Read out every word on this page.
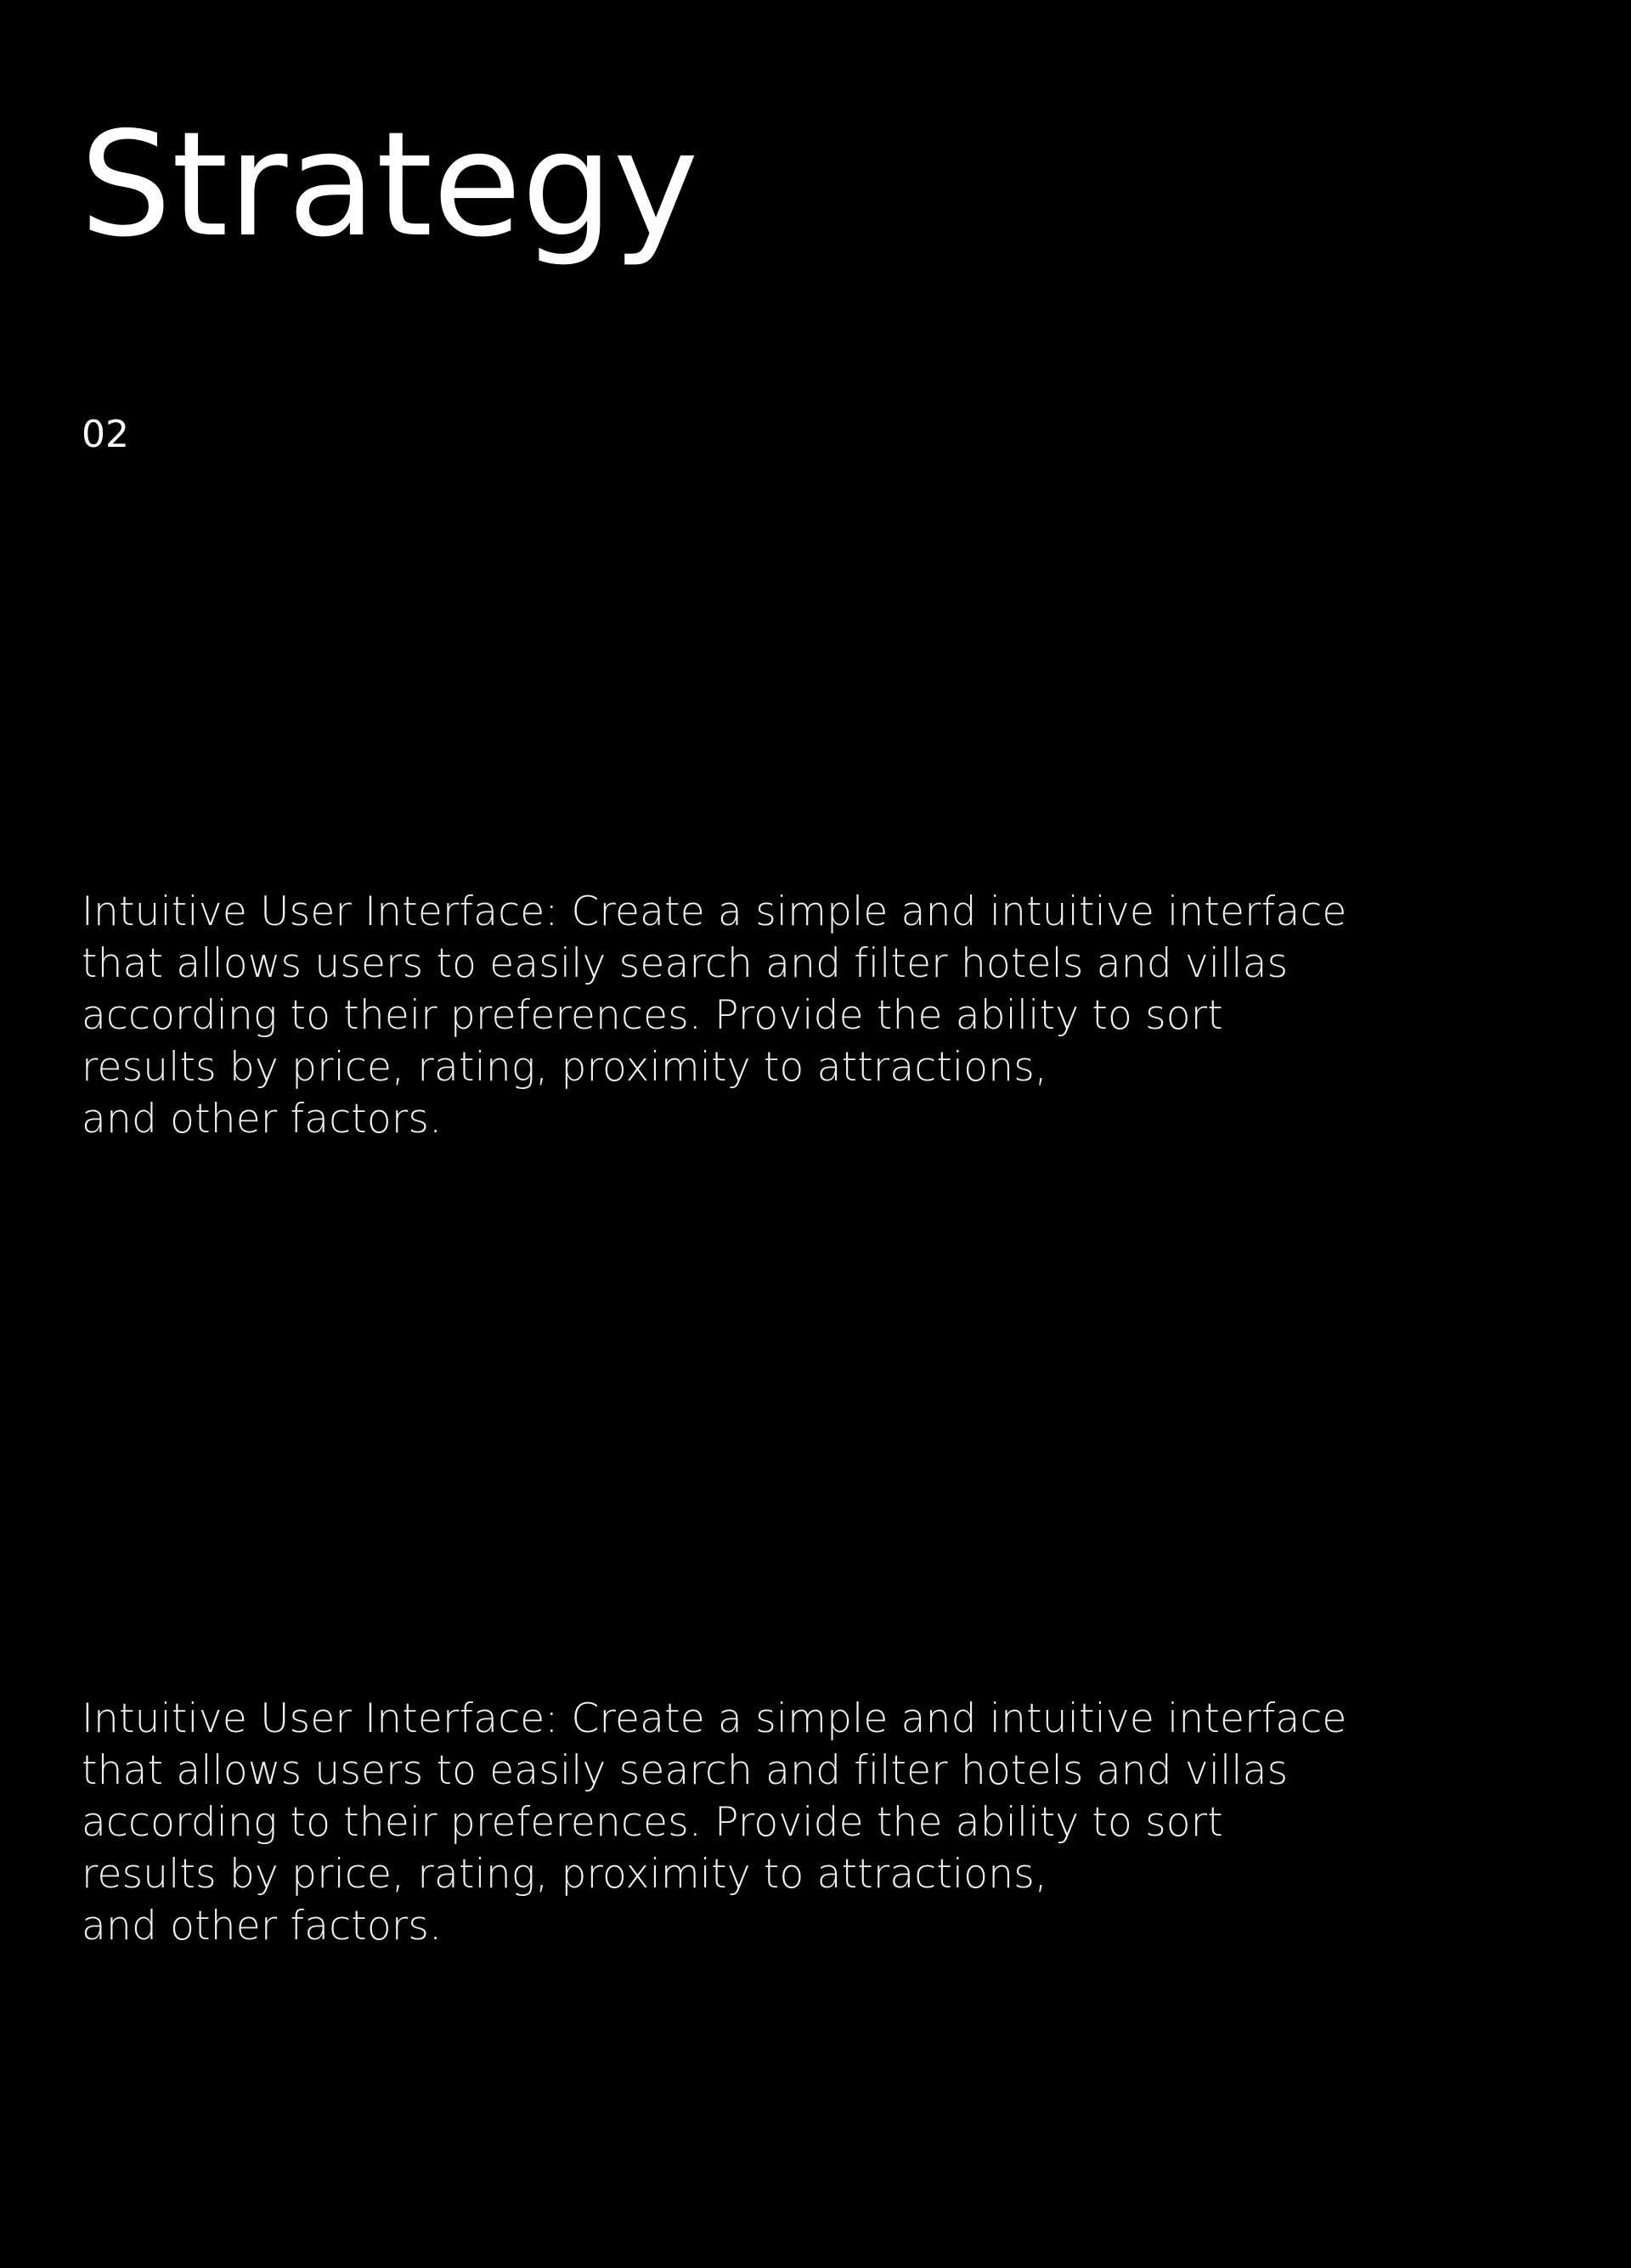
Strategy
02

Intuitive User Interface: Create a simple and intuitive interface
that allows users to easily search and filter hotels and villas
according to their preferences. Provide the ability to sort
results by price, rating, proximity to attractions,
and other factors.

Intuitive User Interface: Create a simple and intuitive interface
that allows users to easily search and filter hotels and villas
according to their preferences. Provide the ability to sort
results by price, rating, proximity to attractions,
and other factors.
